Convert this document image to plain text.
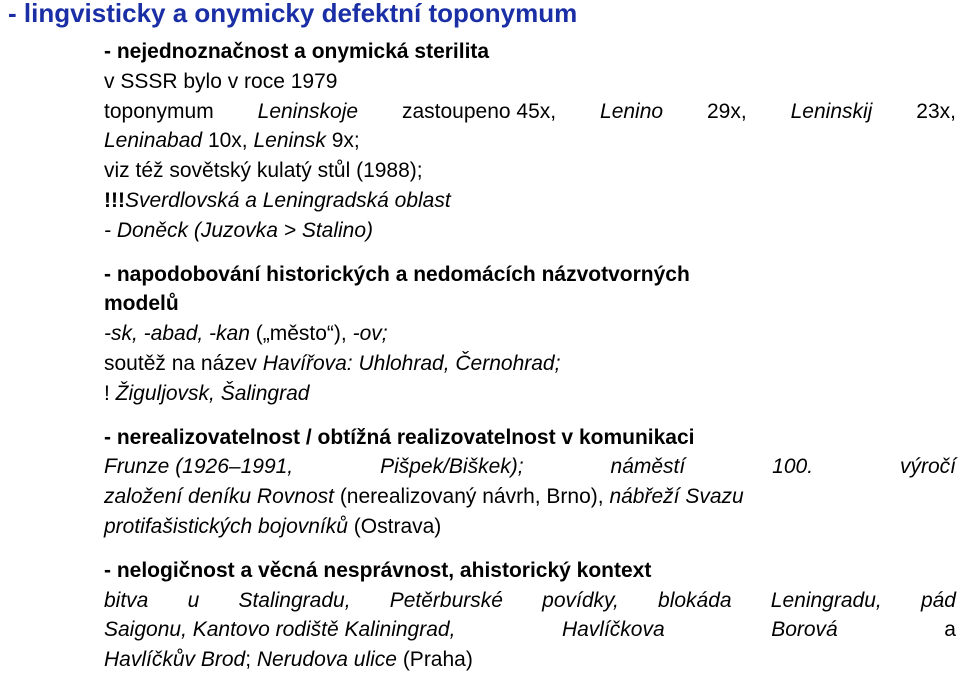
- lingvisticky a onymicky defektní toponymum
- nejednoznačnost a onymická sterilita
v SSSR bylo v roce 1979
toponymum Leninskoje zastoupeno 45x, Lenino 29x, Leninskij 23x,
Leninabad 10x, Leninsk 9x;
viz též sovětský kulatý stůl (1988);
!!!Sverdlovská a Leningradská oblast
- Doněck (Juzovka > Stalino)
- napodobování historických a nedomácích názvotvorných
modelů
-sk, -abad, -kan („město“), -ov;
soutěž na název Havířova: Uhlohrad, Černohrad;
! Žiguljovsk, Šalingrad
- nerealizovatelnost / obtížná realizovatelnost v komunikaci
Frunze (1926–1991,	Pišpek/Biškek);	náměstí	100.	výročí
založení deníku Rovnost (nerealizovaný návrh, Brno), nábřeží Svazu
protifašistických bojovníků (Ostrava)
- nelogičnost a věcná nesprávnost, ahistorický kontext
bitva u Stalingradu, Petěrburské povídky, blokáda Leningradu, pád
Saigonu, Kantovo rodiště Kaliningrad,	Havlíčkova	Borová	a
Havlíčkův Brod; Nerudova ulice (Praha)
